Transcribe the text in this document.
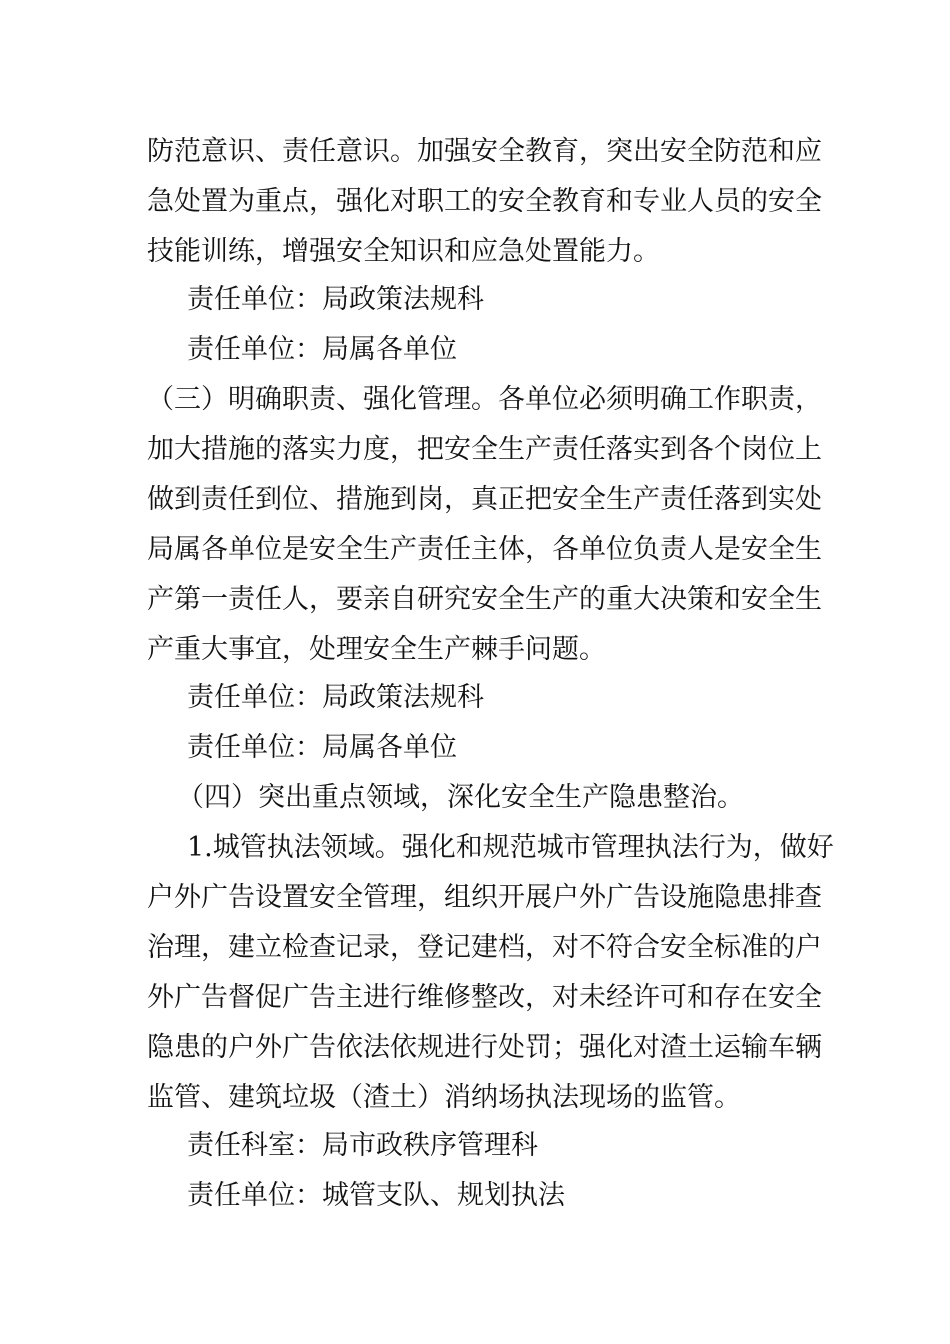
防范意识、责任意识。加强安全教育，突出安全防范和应
急处置为重点，强化对职工的安全教育和专业人员的安全
技能训练，增强安全知识和应急处置能力。
责任单位：局政策法规科
责任单位：局属各单位
（三）明确职责、强化管理。各单位必须明确工作职责，
加大措施的落实力度，把安全生产责任落实到各个岗位上
做到责任到位、措施到岗，真正把安全生产责任落到实处
局属各单位是安全生产责任主体，各单位负责人是安全生
产第一责任人，要亲自研究安全生产的重大决策和安全生
产重大事宜，处理安全生产棘手问题。
责任单位：局政策法规科
责任单位：局属各单位
（四）突出重点领域，深化安全生产隐患整治。
1.城管执法领域。强化和规范城市管理执法行为，做好
户外广告设置安全管理，组织开展户外广告设施隐患排查
治理，建立检查记录，登记建档，对不符合安全标准的户
外广告督促广告主进行维修整改，对未经许可和存在安全
隐患的户外广告依法依规进行处罚；强化对渣土运输车辆
监管、建筑垃圾（渣土）消纳场执法现场的监管。
责任科室：局市政秩序管理科
责任单位：城管支队、规划执法
